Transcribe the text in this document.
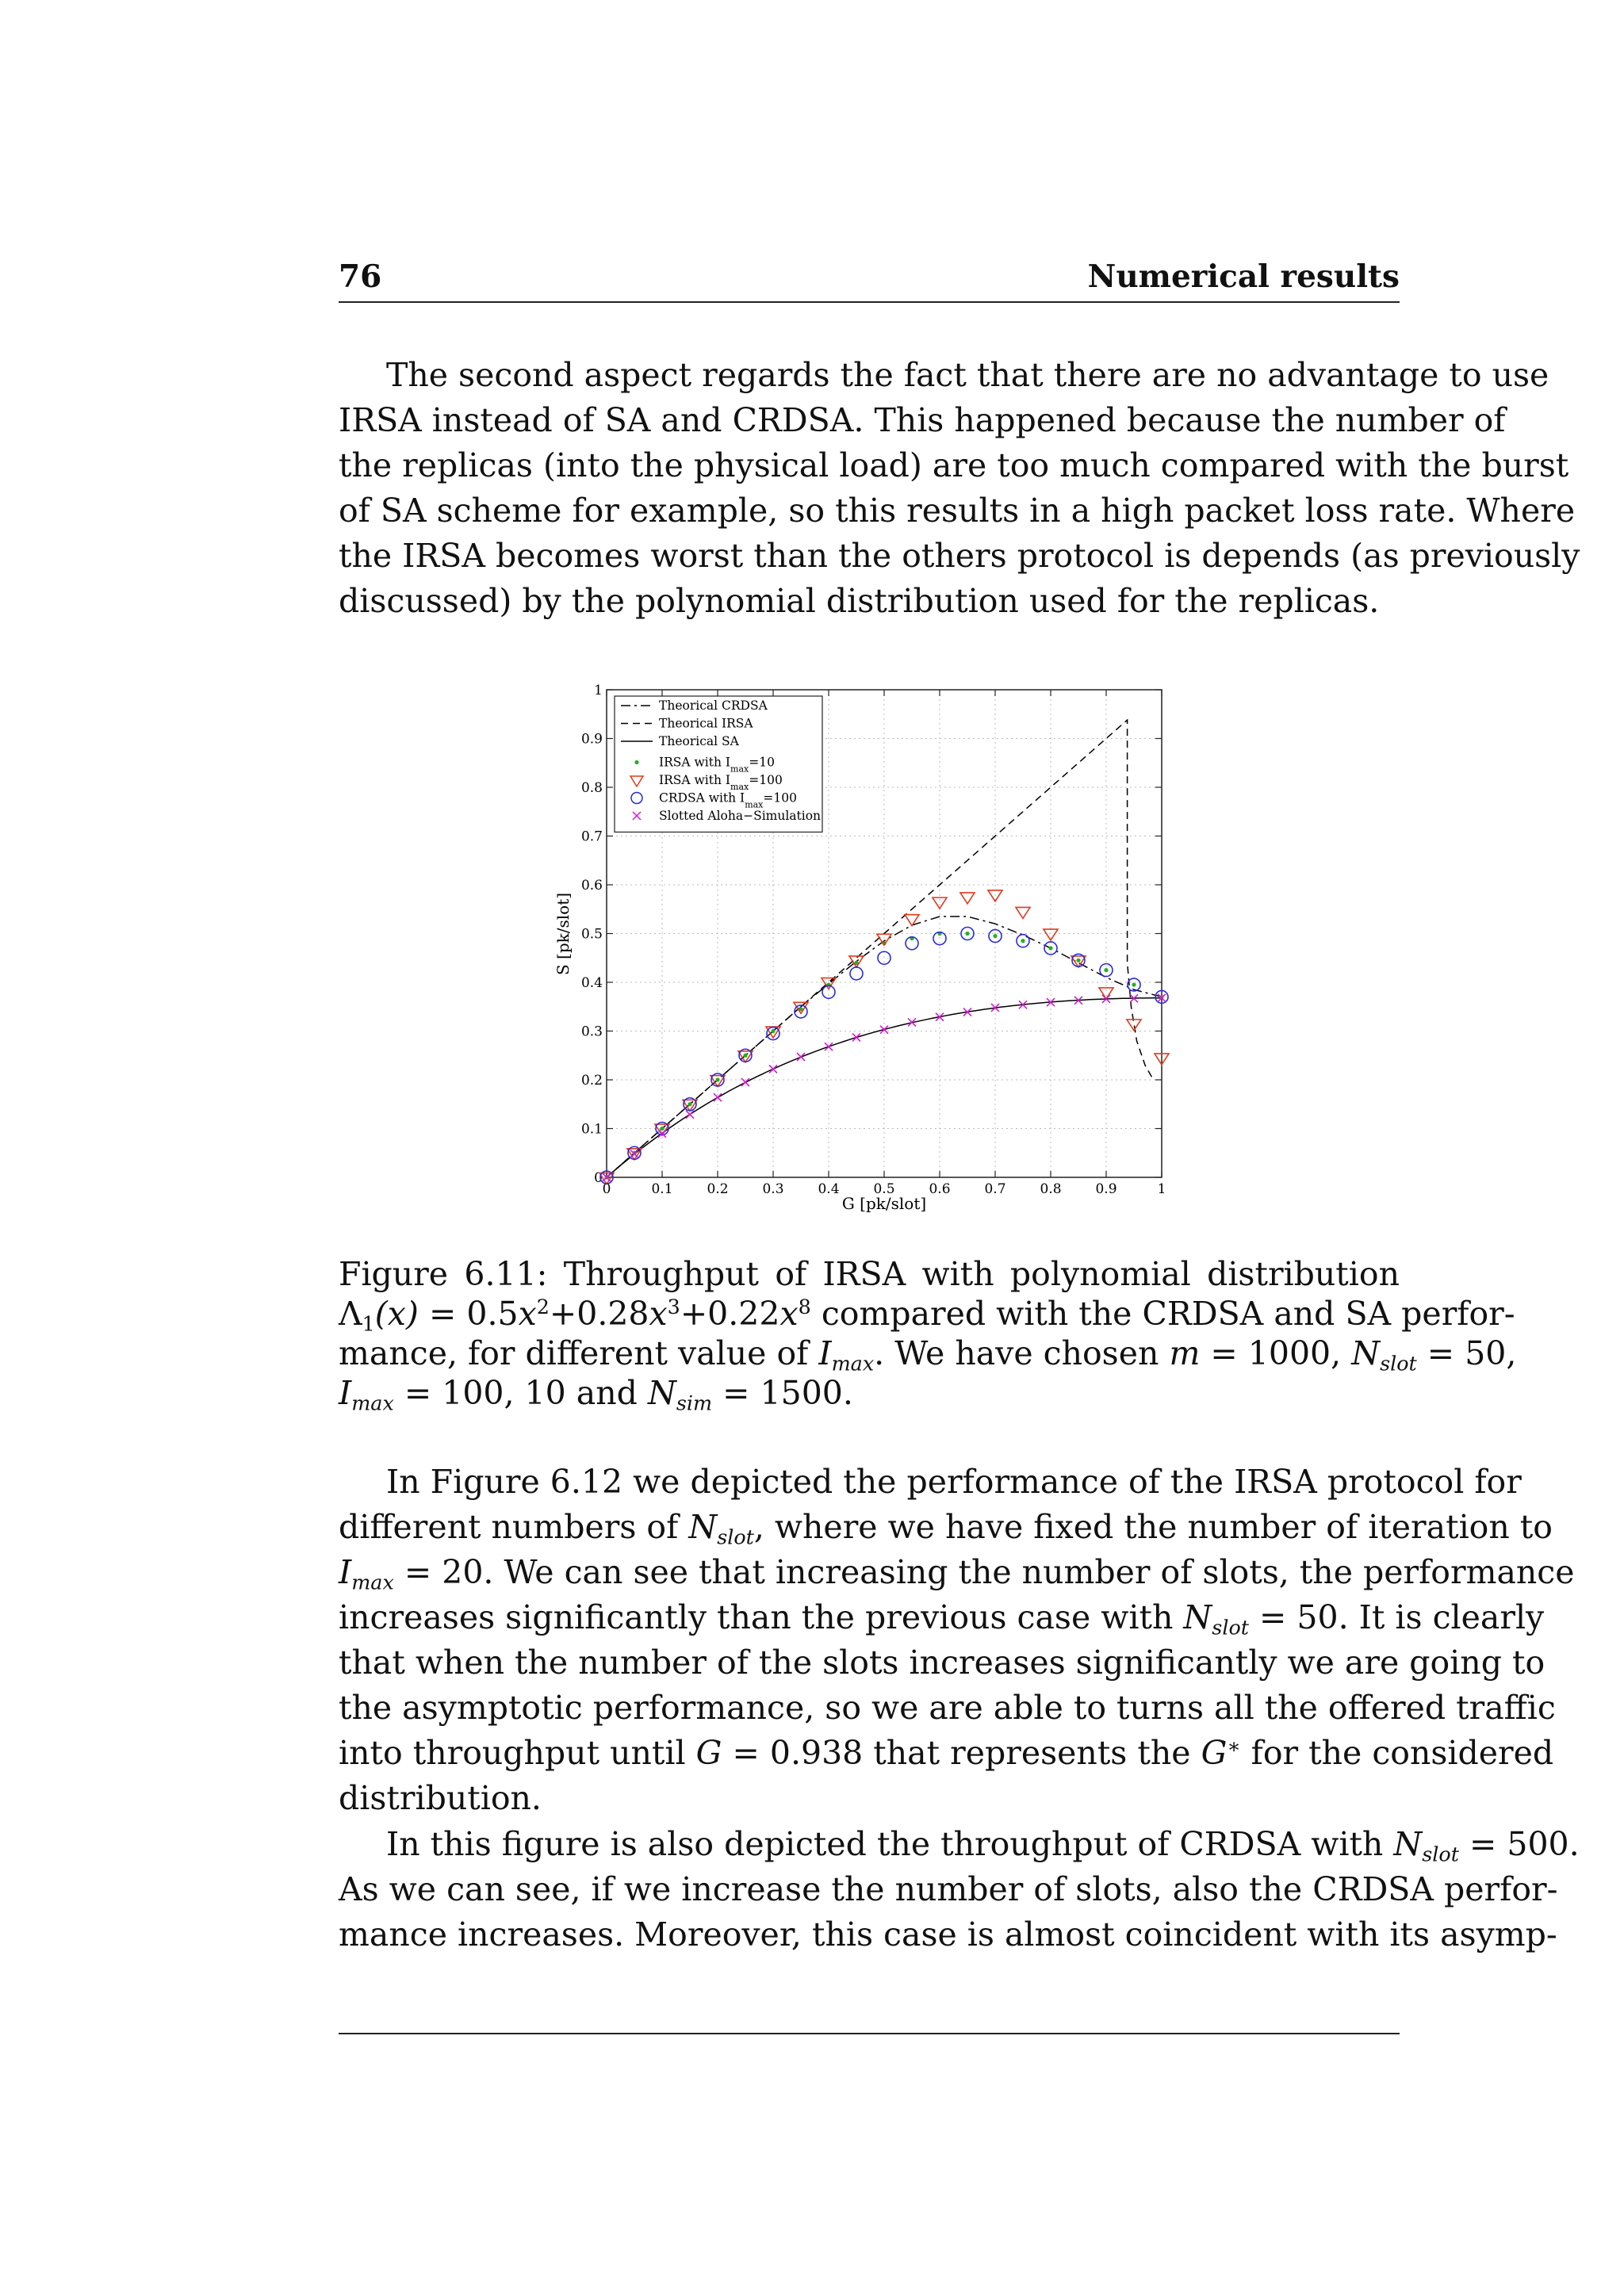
76	Numerical results
The second aspect regards the fact that there are no advantage to use
IRSA instead of SA and CRDSA. This happened because the number of
the replicas (into the physical load) are too much compared with the burst
of SA scheme for example, so this results in a high packet loss rate. Where
the IRSA becomes worst than the others protocol is depends (as previously
discussed) by the polynomial distribution used for the replicas.
0	0.1	0.2	0.3	0.4	0.5	0.6	0.7	0.8	0.9	1
0
0.1
0.2
0.3
0.4
0.5
0.6
0.7
0.8
0.9
1
Theorical CRDSA
Theorical IRSA
Theorical SA
IRSA with $I_{max}=10$
IRSA with $I_{max}=100$
CRDSA with $I_{max}=100$
Slotted Aloha−Simulation
G [pk/slot]
S [pk/slot]
Figure 6.11: Throughput of IRSA with polynomial distribution
$\Lambda_1(x) = 0.5x^2+0.28x^3+0.22x^8$ compared with the CRDSA and SA perfor-
mance, for different value of $I_{max}$. We have chosen m = 1000, $N_{slot} = 50$,
$I_{max} = 100$, 10 and $N_{sim} = 1500$.
In Figure 6.12 we depicted the performance of the IRSA protocol for
different numbers of $N_{slot}$, where we have fixed the number of iteration to
$I_{max} = 20$. We can see that increasing the number of slots, the performance
increases significantly than the previous case with $N_{slot} = 50$. It is clearly
that when the number of the slots increases significantly we are going to
the asymptotic performance, so we are able to turns all the offered traffic
into throughput until G = 0.938 that represents the G∗ for the considered
distribution.
In this figure is also depicted the throughput of CRDSA with $N_{slot} = 500$.
As we can see, if we increase the number of slots, also the CRDSA perfor-
mance increases. Moreover, this case is almost coincident with its asymp-
